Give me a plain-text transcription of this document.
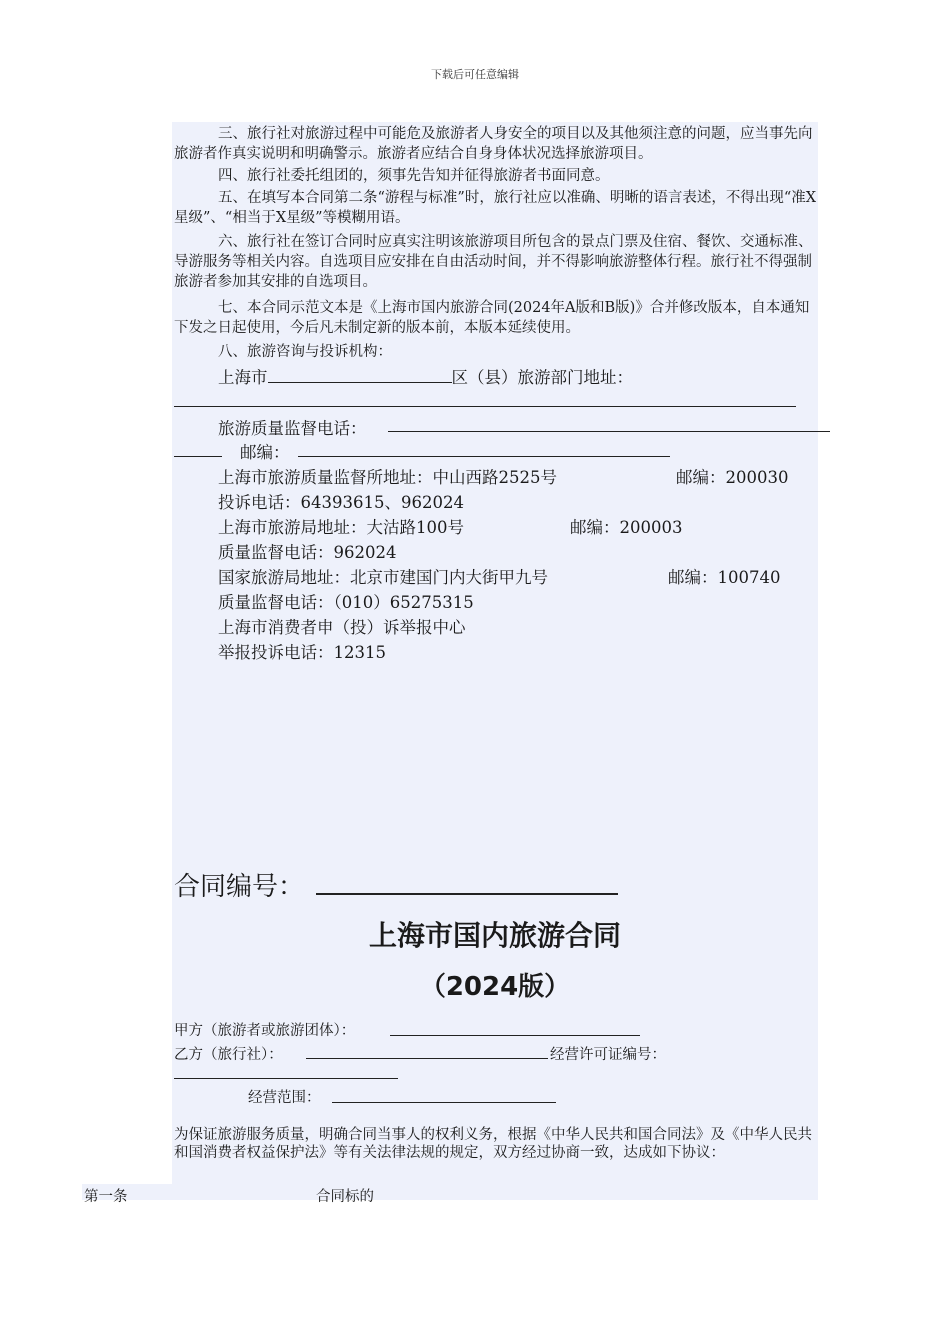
下载后可任意编辑

三、旅行社对旅游过程中可能危及旅游者人身安全的项目以及其他须注意的问题，应当事先向旅游者作真实说明和明确警示。旅游者应结合自身身体状况选择旅游项目。

四、旅行社委托组团的，须事先告知并征得旅游者书面同意。

五、在填写本合同第二条“游程与标准”时，旅行社应以准确、明晰的语言表述，不得出现“准X星级”、“相当于X星级”等模糊用语。

六、旅行社在签订合同时应真实注明该旅游项目所包含的景点门票及住宿、餐饮、交通标准、导游服务等相关内容。自选项目应安排在自由活动时间，并不得影响旅游整体行程。旅行社不得强制旅游者参加其安排的自选项目。

七、本合同示范文本是《上海市国内旅游合同(2024年A版和B版)》合并修改版本，自本通知下发之日起使用，今后凡未制定新的版本前，本版本延续使用。

八、旅游咨询与投诉机构：

上海市	区（县）旅游部门地址：
旅游质量监督电话：
邮编：
上海市旅游质量监督所地址：中山西路2525号	邮编：200030
投诉电话：64393615、962024
上海市旅游局地址：大沽路100号	邮编：200003
质量监督电话：962024
国家旅游局地址：北京市建国门内大街甲九号	邮编：100740
质量监督电话：（010）65275315
上海市消费者申（投）诉举报中心
举报投诉电话：12315
合同编号：
上海市国内旅游合同
（2024版）
甲方（旅游者或旅游团体）：
乙方（旅行社）：	经营许可证编号：
经营范围：

为保证旅游服务质量，明确合同当事人的权利义务，根据《中华人民共和国合同法》及《中华人民共和国消费者权益保护法》等有关法律法规的规定，双方经过协商一致，达成如下协议：

第一条	合同标的
